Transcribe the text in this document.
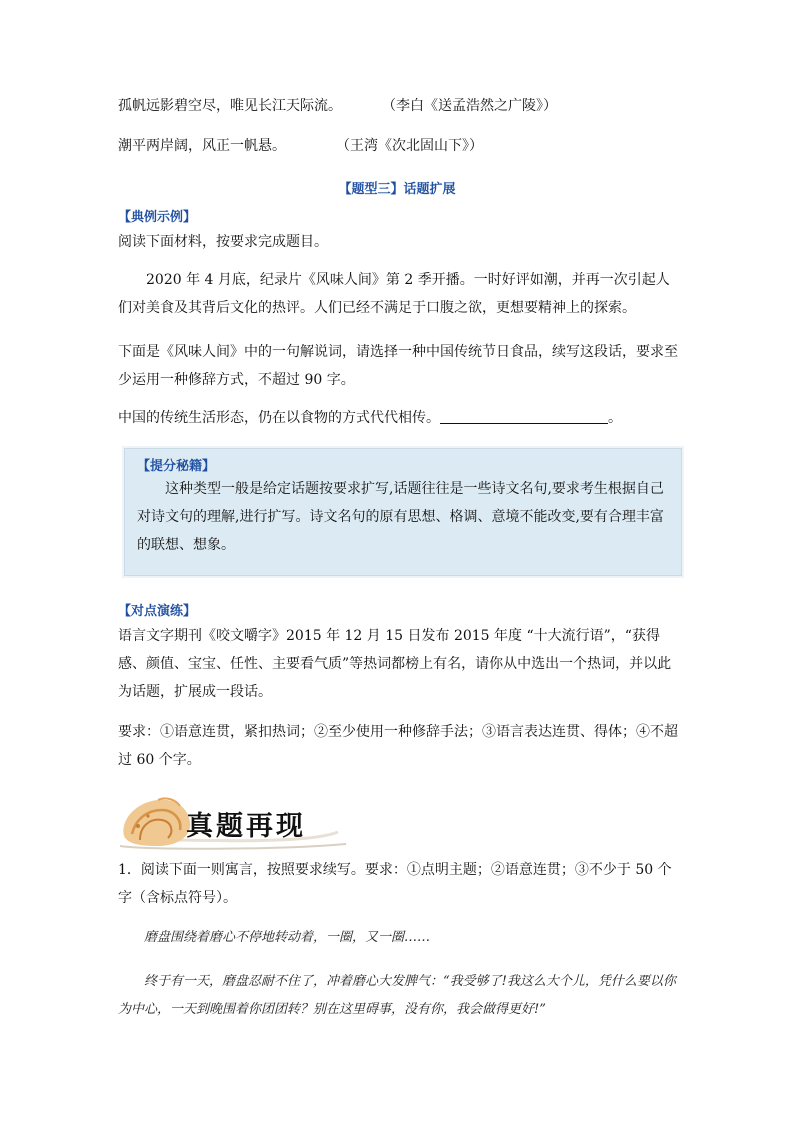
孤帆远影碧空尽，唯见长江天际流。	（李白《送孟浩然之广陵》）
潮平两岸阔，风正一帆悬。	（王湾《次北固山下》）
【题型三】话题扩展
【典例示例】
阅读下面材料，按要求完成题目。
2020 年 4 月底，纪录片《风味人间》第 2 季开播。一时好评如潮，并再一次引起人们对美食及其背后文化的热评。人们已经不满足于口腹之欲，更想要精神上的探索。
下面是《风味人间》中的一句解说词，请选择一种中国传统节日食品，续写这段话，要求至少运用一种修辞方式，不超过 90 字。
中国的传统生活形态，仍在以食物的方式代代相传。	。
【提分秘籍】
这种类型一般是给定话题按要求扩写,话题往往是一些诗文名句,要求考生根据自己对诗文句的理解,进行扩写。诗文名句的原有思想、格调、意境不能改变,要有合理丰富的联想、想象。
【对点演练】
语言文字期刊《咬文嚼字》2015 年 12 月 15 日发布 2015 年度 “十大流行语”，“获得感、颜值、宝宝、任性、主要看气质”等热词都榜上有名，请你从中选出一个热词，并以此为话题，扩展成一段话。
要求：①语意连贯，紧扣热词；②至少使用一种修辞手法；③语言表达连贯、得体；④不超过 60 个字。
真题再现
1．阅读下面一则寓言，按照要求续写。要求：①点明主题；②语意连贯；③不少于 50 个字（含标点符号）。
磨盘围绕着磨心不停地转动着，一圈，又一圈……
终于有一天，磨盘忍耐不住了，冲着磨心大发脾气：“我受够了!我这么大个儿，凭什么要以你为中心，一天到晚围着你团团转？别在这里碍事，没有你，我会做得更好!”
